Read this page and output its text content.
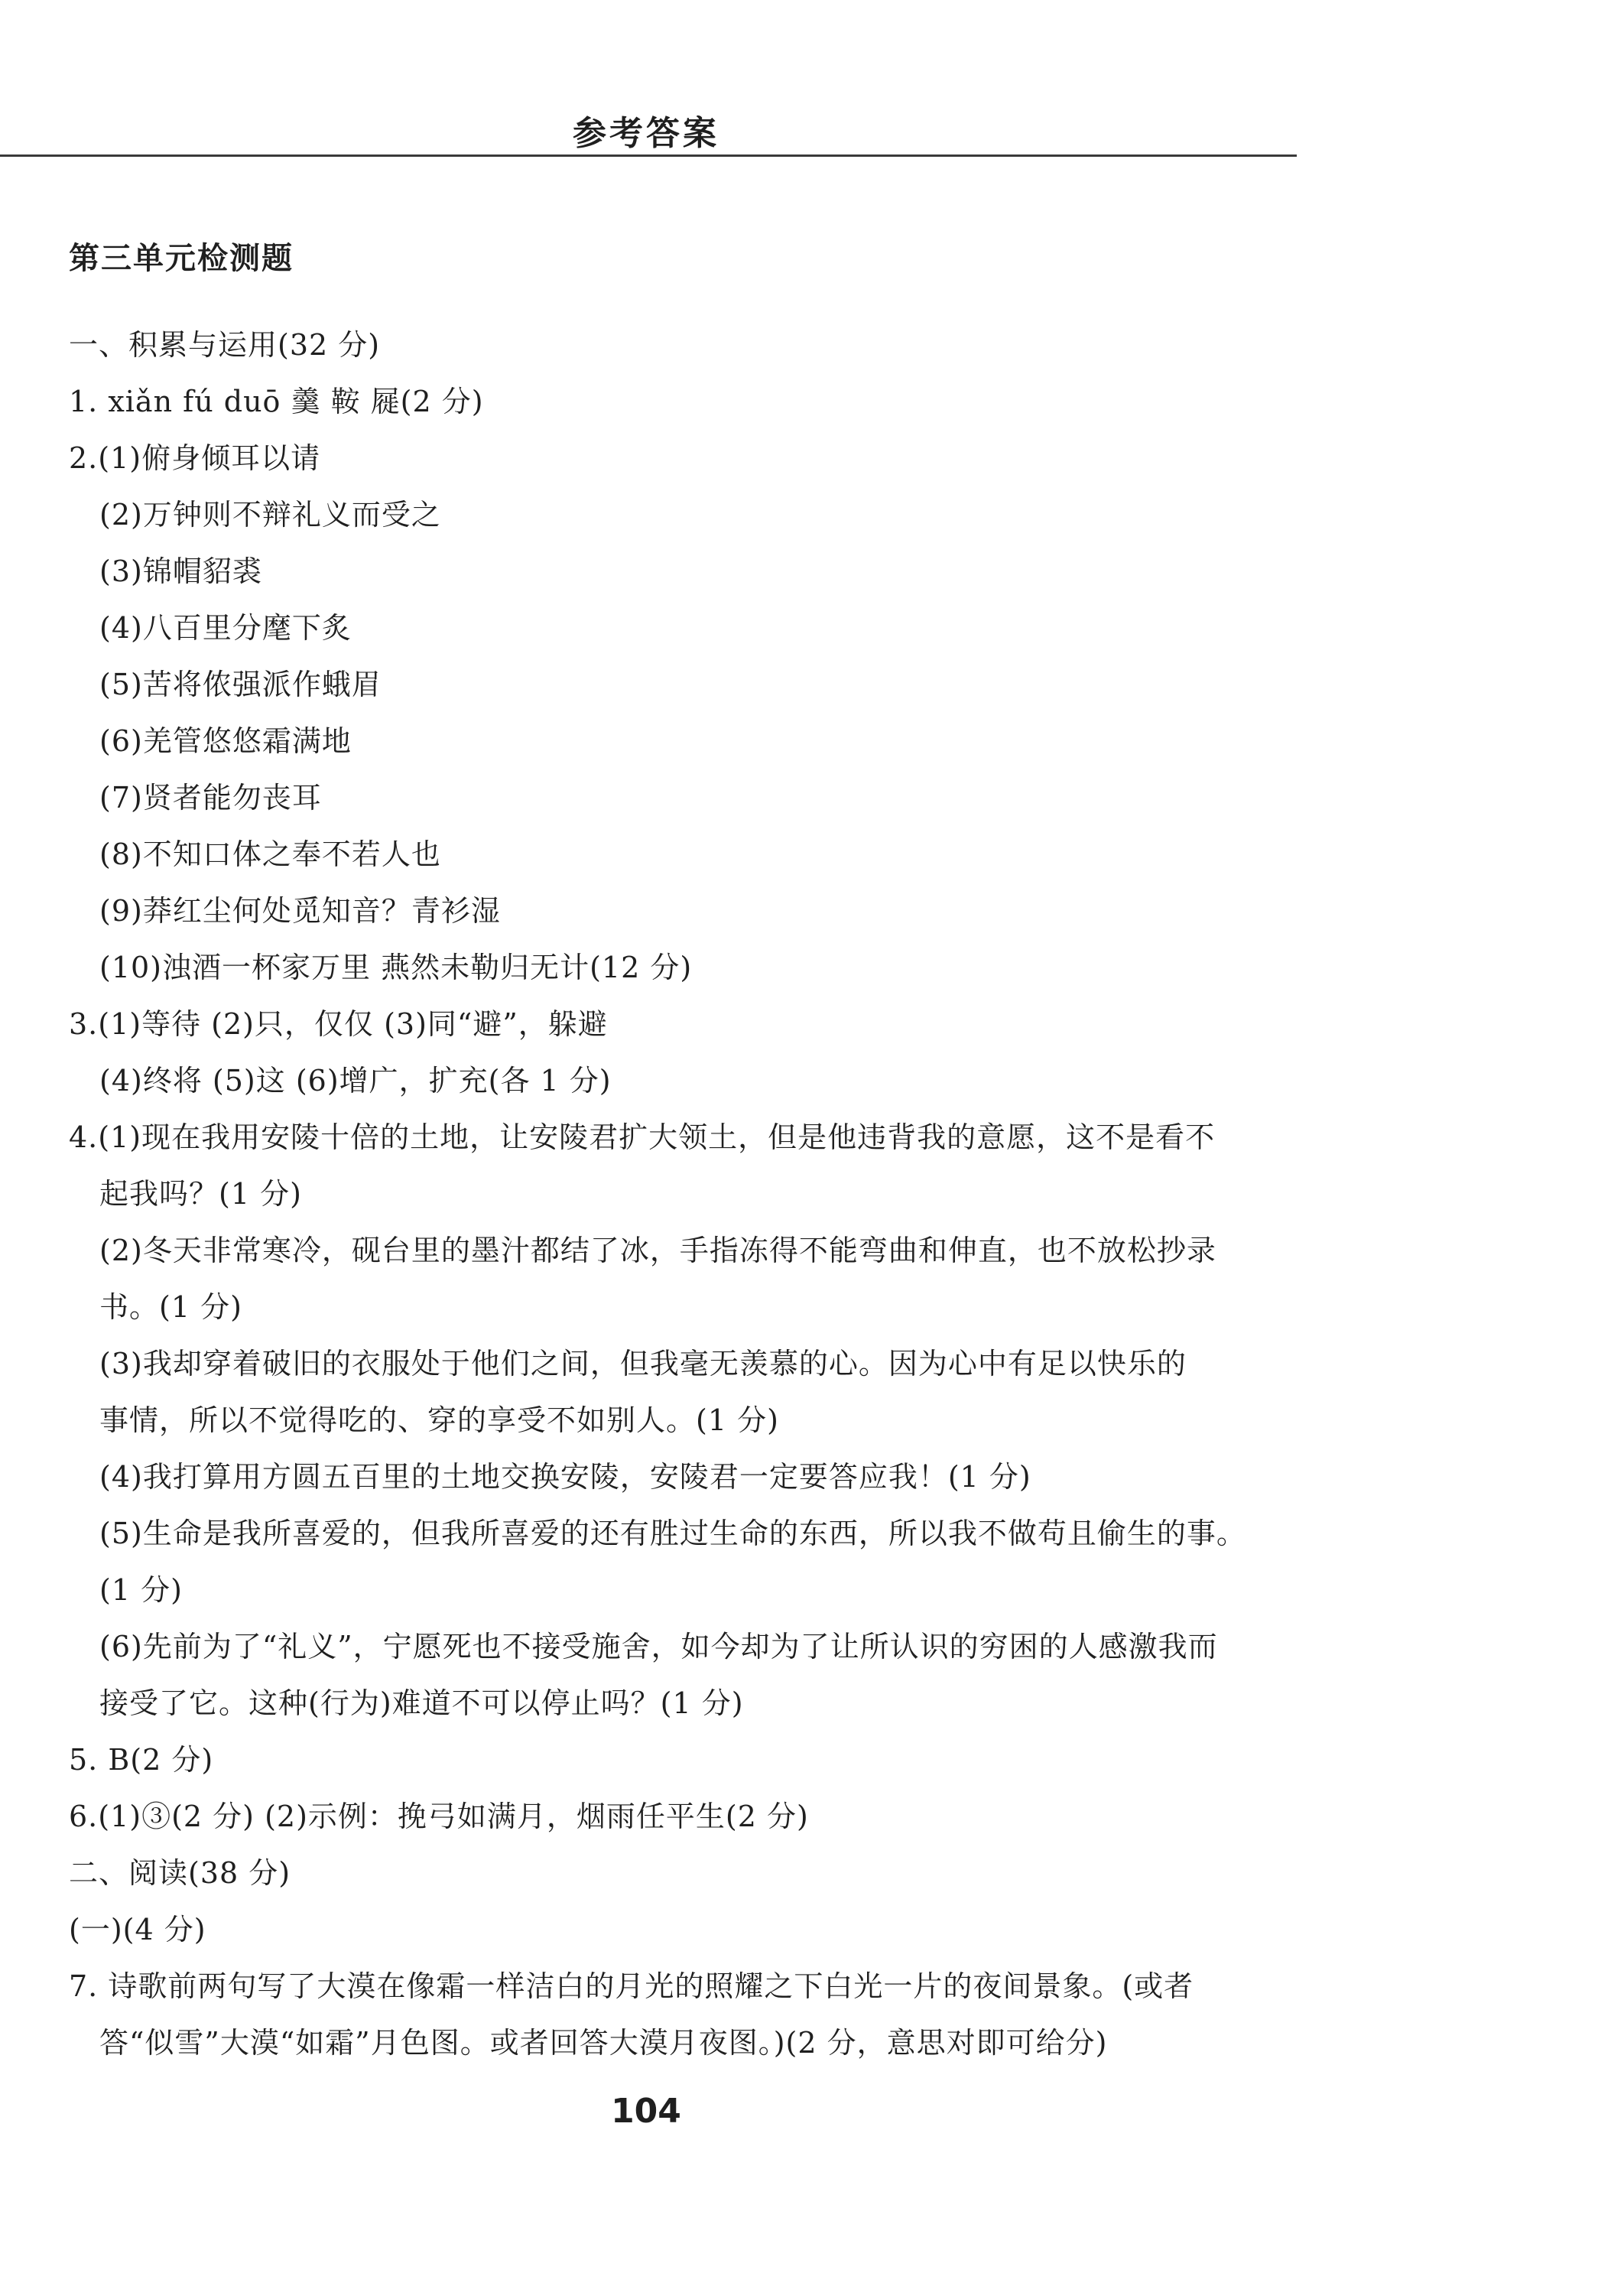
参考答案
第三单元检测题
一、积累与运用(32 分)
1. xiǎn fú duō 羹 鞍 屣(2 分)
2.(1)俯身倾耳以请
(2)万钟则不辩礼义而受之
(3)锦帽貂裘
(4)八百里分麾下炙
(5)苦将侬强派作蛾眉
(6)羌管悠悠霜满地
(7)贤者能勿丧耳
(8)不知口体之奉不若人也
(9)莽红尘何处觅知音？青衫湿
(10)浊酒一杯家万里 燕然未勒归无计(12 分)
3.(1)等待 (2)只，仅仅 (3)同“避”，躲避
(4)终将 (5)这 (6)增广，扩充(各 1 分)
4.(1)现在我用安陵十倍的土地，让安陵君扩大领土，但是他违背我的意愿，这不是看不
起我吗？(1 分)
(2)冬天非常寒冷，砚台里的墨汁都结了冰，手指冻得不能弯曲和伸直，也不放松抄录
书。(1 分)
(3)我却穿着破旧的衣服处于他们之间，但我毫无羡慕的心。因为心中有足以快乐的
事情，所以不觉得吃的、穿的享受不如别人。(1 分)
(4)我打算用方圆五百里的土地交换安陵，安陵君一定要答应我！(1 分)
(5)生命是我所喜爱的，但我所喜爱的还有胜过生命的东西，所以我不做苟且偷生的事。
(1 分)
(6)先前为了“礼义”，宁愿死也不接受施舍，如今却为了让所认识的穷困的人感激我而
接受了它。这种(行为)难道不可以停止吗？(1 分)
5. B(2 分)
6.(1)③(2 分) (2)示例：挽弓如满月，烟雨任平生(2 分)
二、阅读(38 分)
(一)(4 分)
7. 诗歌前两句写了大漠在像霜一样洁白的月光的照耀之下白光一片的夜间景象。(或者
答“似雪”大漠“如霜”月色图。或者回答大漠月夜图。)(2 分，意思对即可给分)
104
